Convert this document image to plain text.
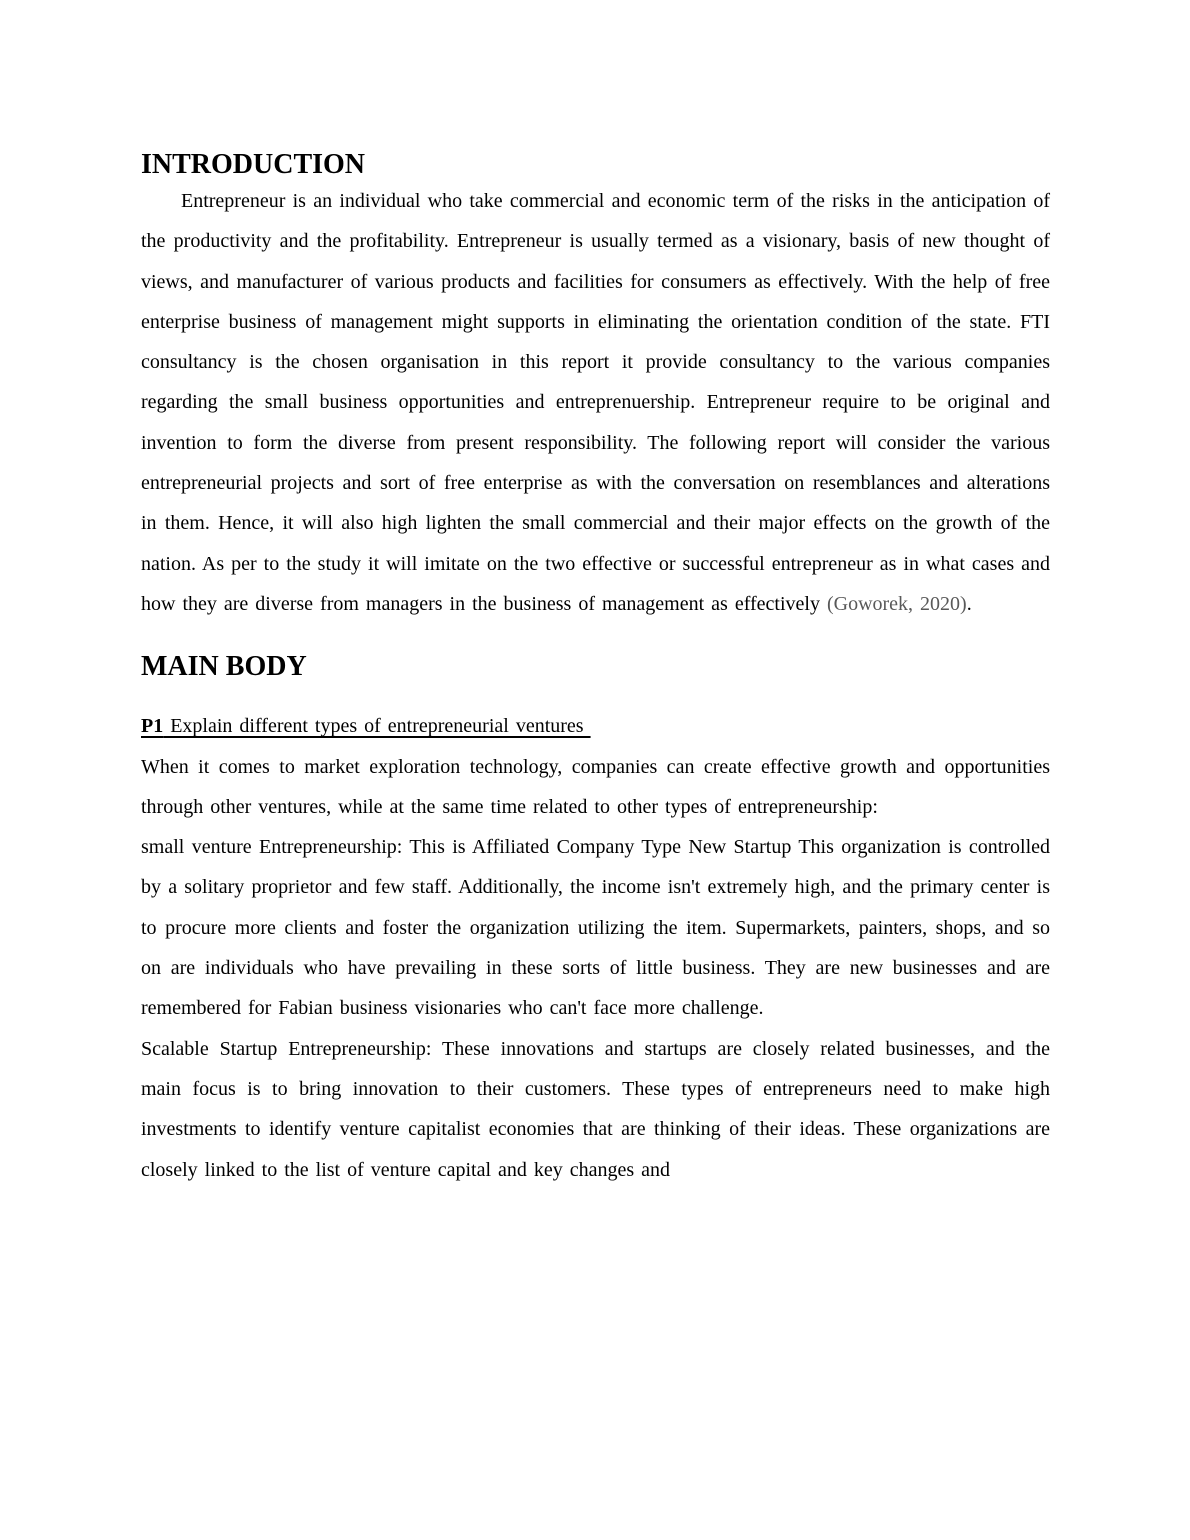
INTRODUCTION

Entrepreneur is an individual who take commercial and economic term of the risks in the anticipation of the productivity and the profitability. Entrepreneur is usually termed as a visionary, basis of new thought of views, and manufacturer of various products and facilities for consumers as effectively. With the help of free enterprise business of management might supports in eliminating the orientation condition of the state. FTI consultancy is the chosen organisation in this report it provide consultancy to the various companies regarding the small business opportunities and entreprenuership. Entrepreneur require to be original and invention to form the diverse from present responsibility. The following report will consider the various entrepreneurial projects and sort of free enterprise as with the conversation on resemblances and alterations in them. Hence, it will also high lighten the small commercial and their major effects on the growth of the nation. As per to the study it will imitate on the two effective or successful entrepreneur as in what cases and how they are diverse from managers in the business of management as effectively (Goworek, 2020).

MAIN BODY

P1 Explain different types of entrepreneurial ventures

When it comes to market exploration technology, companies can create effective growth and opportunities through other ventures, while at the same time related to other types of entrepreneurship:

small venture Entrepreneurship: This is Affiliated Company Type New Startup This organization is controlled by a solitary proprietor and few staff. Additionally, the income isn't extremely high, and the primary center is to procure more clients and foster the organization utilizing the item. Supermarkets, painters, shops, and so on are individuals who have prevailing in these sorts of little business. They are new businesses and are remembered for Fabian business visionaries who can't face more challenge.

Scalable Startup Entrepreneurship: These innovations and startups are closely related businesses, and the main focus is to bring innovation to their customers. These types of entrepreneurs need to make high investments to identify venture capitalist economies that are thinking of their ideas. These organizations are closely linked to the list of venture capital and key changes and
